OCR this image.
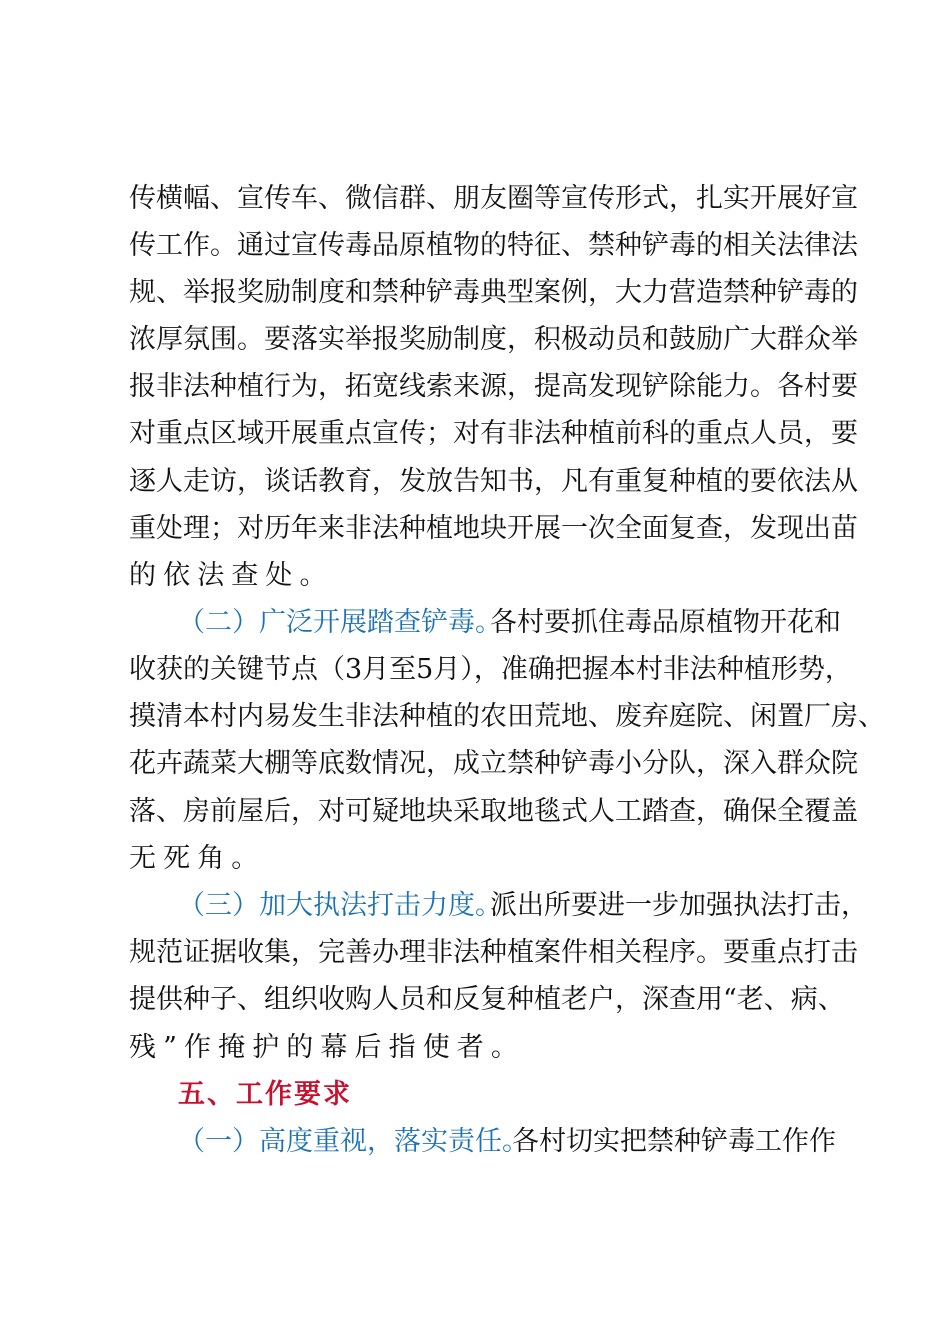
传横幅、宣传车、微信群、朋友圈等宣传形式，扎实开展好宣
传工作。通过宣传毒品原植物的特征、禁种铲毒的相关法律法
规、举报奖励制度和禁种铲毒典型案例，大力营造禁种铲毒的
浓厚氛围。要落实举报奖励制度，积极动员和鼓励广大群众举
报非法种植行为，拓宽线索来源，提高发现铲除能力。各村要
对重点区域开展重点宣传；对有非法种植前科的重点人员，要
逐人走访，谈话教育，发放告知书，凡有重复种植的要依法从
重处理；对历年来非法种植地块开展一次全面复查，发现出苗
的依法查处。
（二）广泛开展踏查铲毒。
各村要抓住毒品原植物开花和
收获的关键节点（3月至5月），准确把握本村非法种植形势，
摸清本村内易发生非法种植的农田荒地、废弃庭院、闲置厂房、
花卉蔬菜大棚等底数情况，成立禁种铲毒小分队，深入群众院
落、房前屋后，对可疑地块采取地毯式人工踏查，确保全覆盖
无死角。
（三）加大执法打击力度。
派出所要进一步加强执法打击，
规范证据收集，完善办理非法种植案件相关程序。要重点打击
提供种子、组织收购人员和反复种植老户，深查用“老、病、
残”作掩护的幕后指使者。
五、工作要求
（一）高度重视，落实责任。
各村切实把禁种铲毒工作作
